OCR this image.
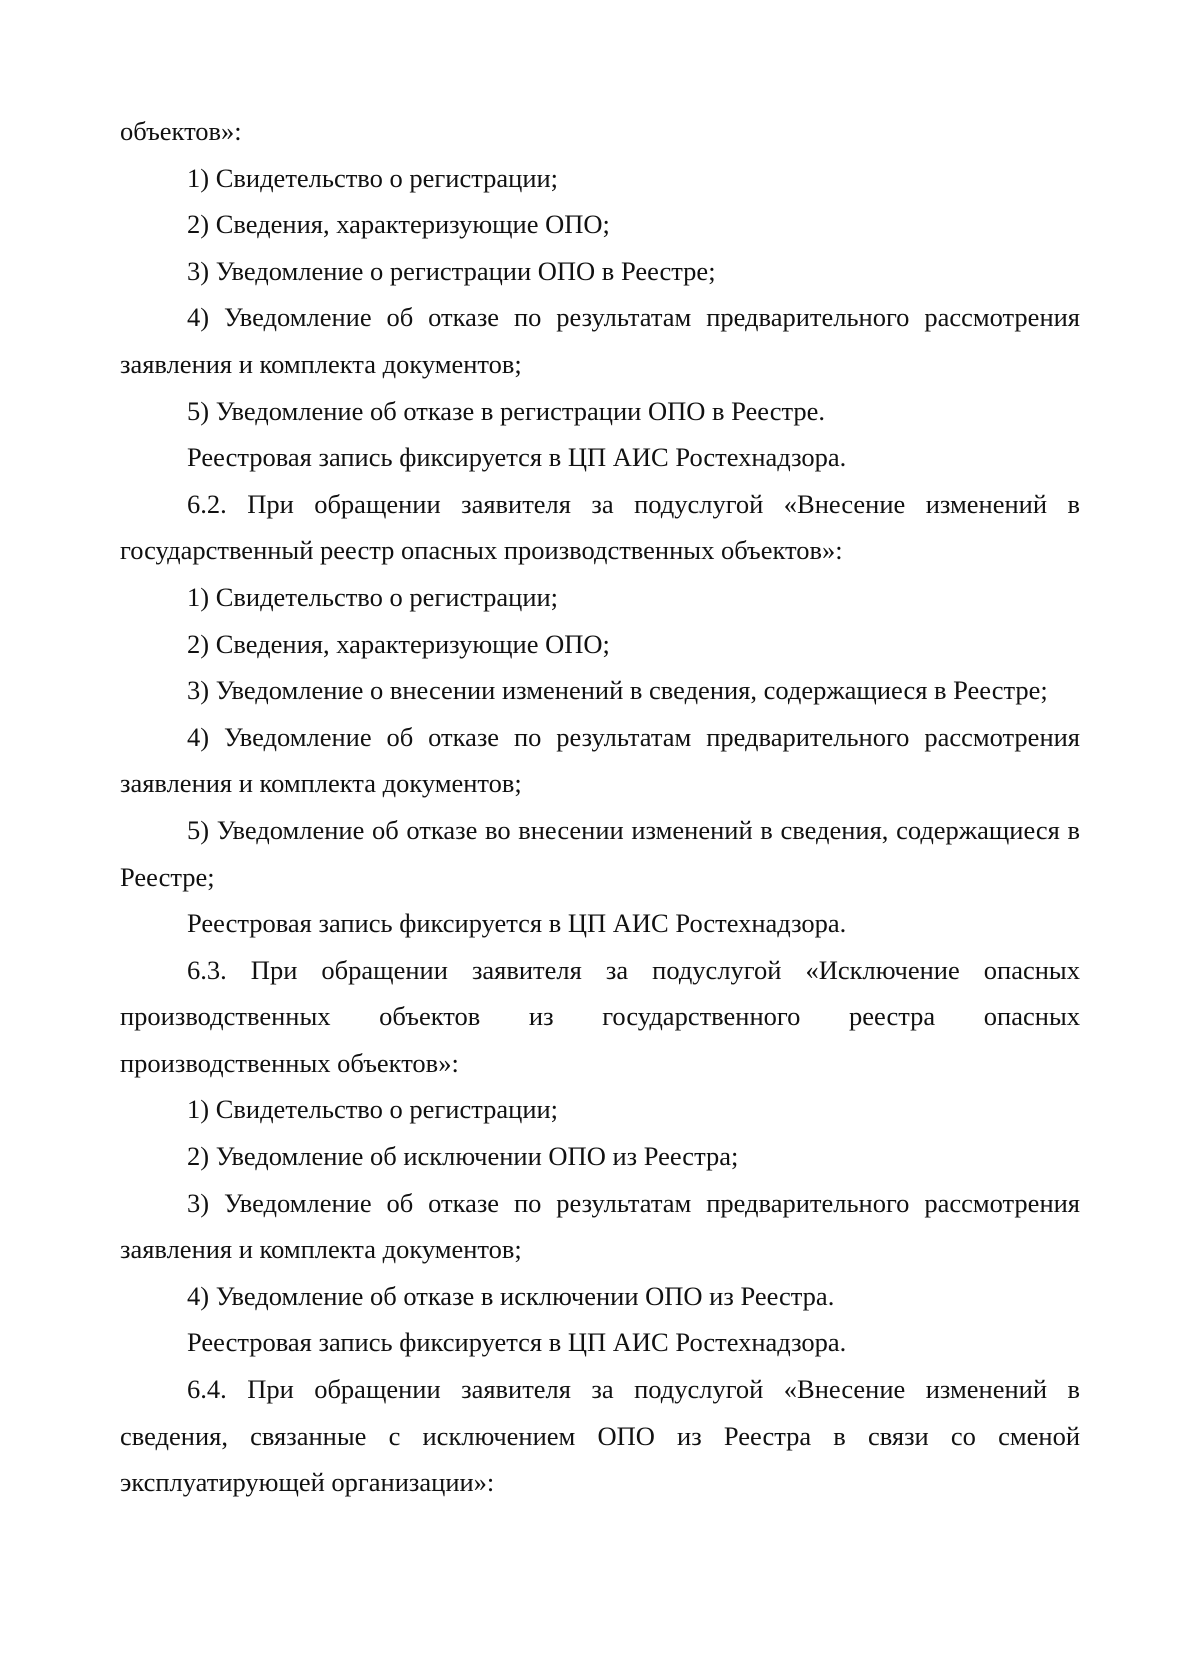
объектов»:

1) Свидетельство о регистрации;

2) Сведения, характеризующие ОПО;

3) Уведомление о регистрации ОПО в Реестре;

4) Уведомление об отказе по результатам предварительного рассмотрения заявления и комплекта документов;

5) Уведомление об отказе в регистрации ОПО в Реестре.

Реестровая запись фиксируется в ЦП АИС Ростехнадзора.

6.2. При обращении заявителя за подуслугой «Внесение изменений в государственный реестр опасных производственных объектов»:

1) Свидетельство о регистрации;

2) Сведения, характеризующие ОПО;

3) Уведомление о внесении изменений в сведения, содержащиеся в Реестре;

4) Уведомление об отказе по результатам предварительного рассмотрения заявления и комплекта документов;

5) Уведомление об отказе во внесении изменений в сведения, содержащиеся в Реестре;

Реестровая запись фиксируется в ЦП АИС Ростехнадзора.

6.3. При обращении заявителя за подуслугой «Исключение опасных производственных объектов из государственного реестра опасных производственных объектов»:

1) Свидетельство о регистрации;

2) Уведомление об исключении ОПО из Реестра;

3) Уведомление об отказе по результатам предварительного рассмотрения заявления и комплекта документов;

4) Уведомление об отказе в исключении ОПО из Реестра.

Реестровая запись фиксируется в ЦП АИС Ростехнадзора.

6.4. При обращении заявителя за подуслугой «Внесение изменений в сведения, связанные с исключением ОПО из Реестра в связи со сменой эксплуатирующей организации»:
